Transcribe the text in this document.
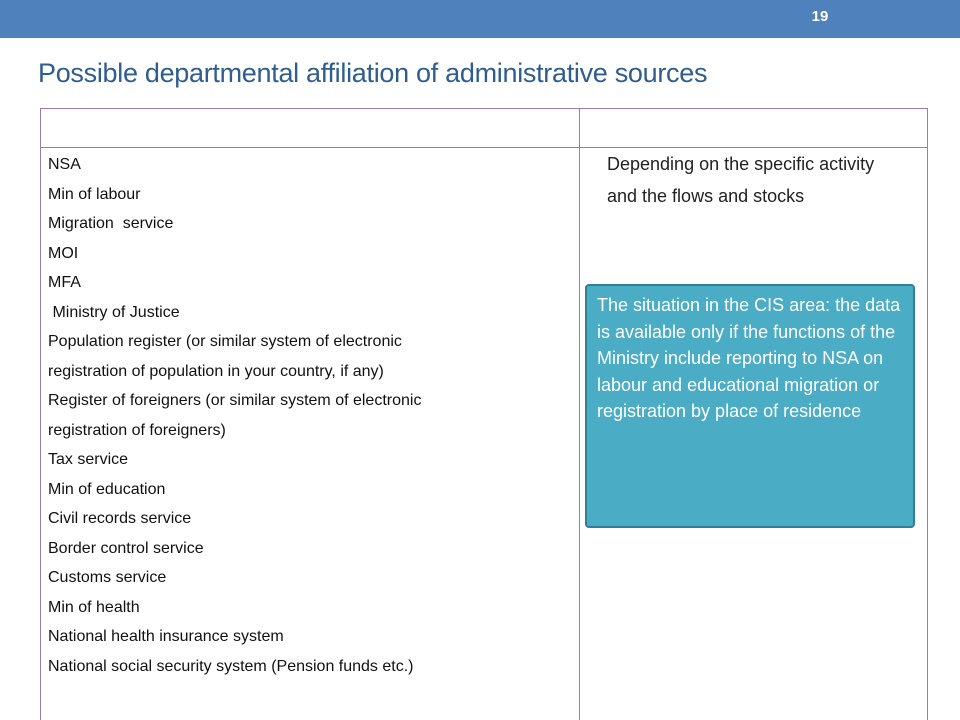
19
Possible departmental affiliation of administrative sources
NSA
Min of labour
Migration  service
MOI
MFA
Ministry of Justice
Population register (or similar system of electronic
registration of population in your country, if any)
Register of foreigners (or similar system of electronic
registration of foreigners)
Tax service
Min of education
Civil records service
Border control service
Customs service
Min of health
National health insurance system
National social security system (Pension funds etc.)
Depending on the specific activity and the flows and stocks
The situation in the CIS area: the data is available only if the functions of the Ministry include reporting to NSA on labour and educational migration or registration by place of residence
